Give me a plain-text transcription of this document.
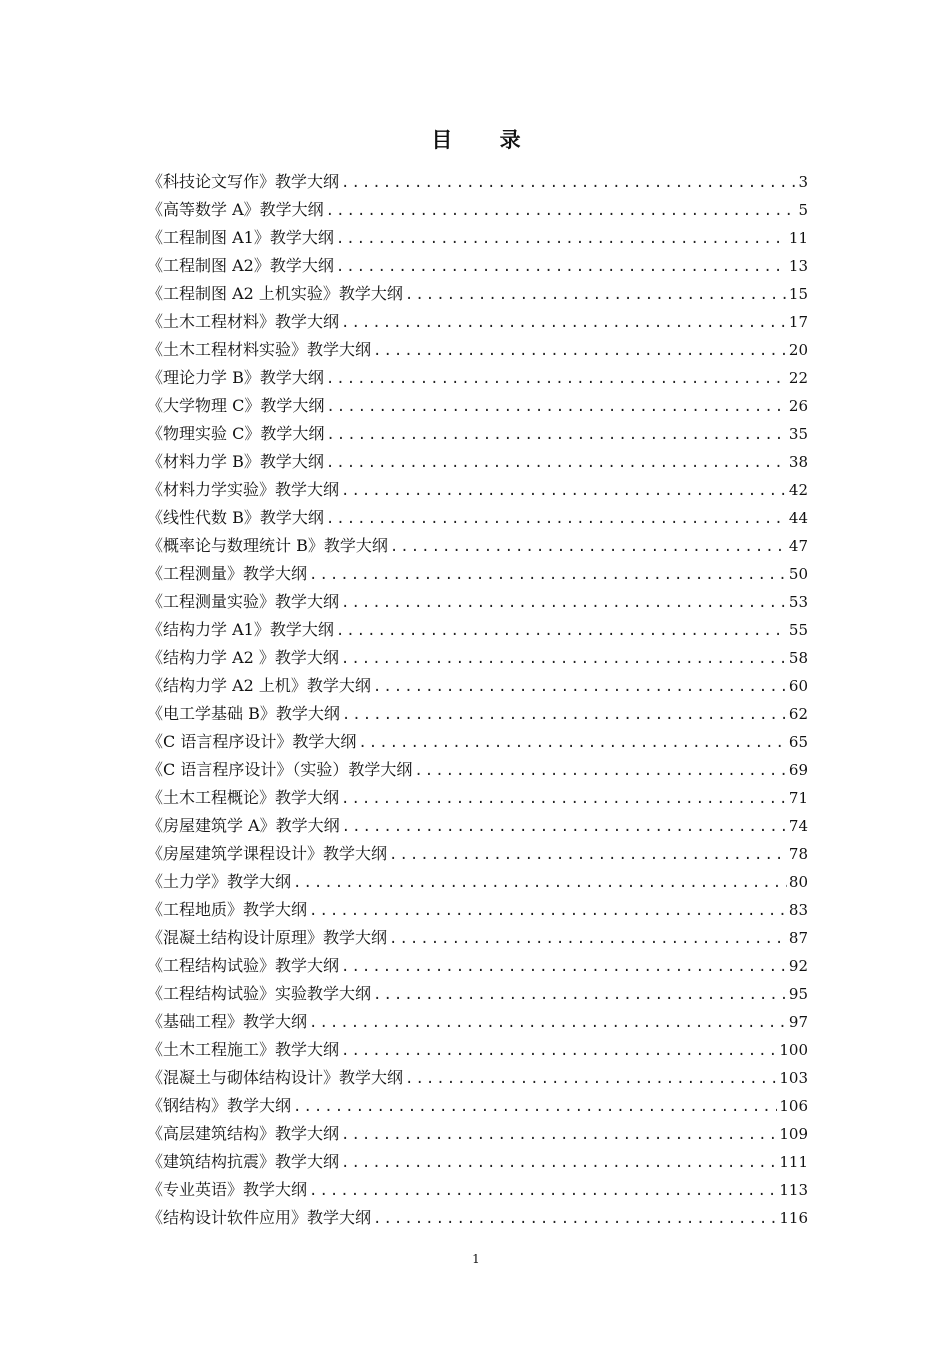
目 录
《科技论文写作》教学大纲 .....	3
《高等数学 A》教学大纲 .....	5
《工程制图 A1》教学大纲 .....	11
《工程制图 A2》教学大纲 .....	13
《工程制图 A2 上机实验》教学大纲 .....	15
《土木工程材料》教学大纲 .....	17
《土木工程材料实验》教学大纲 .....	20
《理论力学 B》教学大纲 .....	22
《大学物理 C》教学大纲 .....	26
《物理实验 C》教学大纲 .....	35
《材料力学 B》教学大纲 .....	38
《材料力学实验》教学大纲 .....	42
《线性代数 B》教学大纲 .....	44
《概率论与数理统计 B》教学大纲 .....	47
《工程测量》教学大纲 .....	50
《工程测量实验》教学大纲 .....	53
《结构力学 A1》教学大纲 .....	55
《结构力学 A2 》教学大纲 .....	58
《结构力学 A2 上机》教学大纲 .....	60
《电工学基础 B》教学大纲 .....	62
《C 语言程序设计》教学大纲 .....	65
《C 语言程序设计》（实验）教学大纲 .....	69
《土木工程概论》教学大纲 .....	71
《房屋建筑学 A》教学大纲 .....	74
《房屋建筑学课程设计》教学大纲 .....	78
《土力学》教学大纲 .....	80
《工程地质》教学大纲 .....	83
《混凝土结构设计原理》教学大纲 .....	87
《工程结构试验》教学大纲 .....	92
《工程结构试验》实验教学大纲 .....	95
《基础工程》教学大纲 .....	97
《土木工程施工》教学大纲 .....	100
《混凝土与砌体结构设计》教学大纲 .....	103
《钢结构》教学大纲 .....	106
《高层建筑结构》教学大纲 .....	109
《建筑结构抗震》教学大纲 .....	111
《专业英语》教学大纲 .....	113
《结构设计软件应用》教学大纲 .....	116
1
